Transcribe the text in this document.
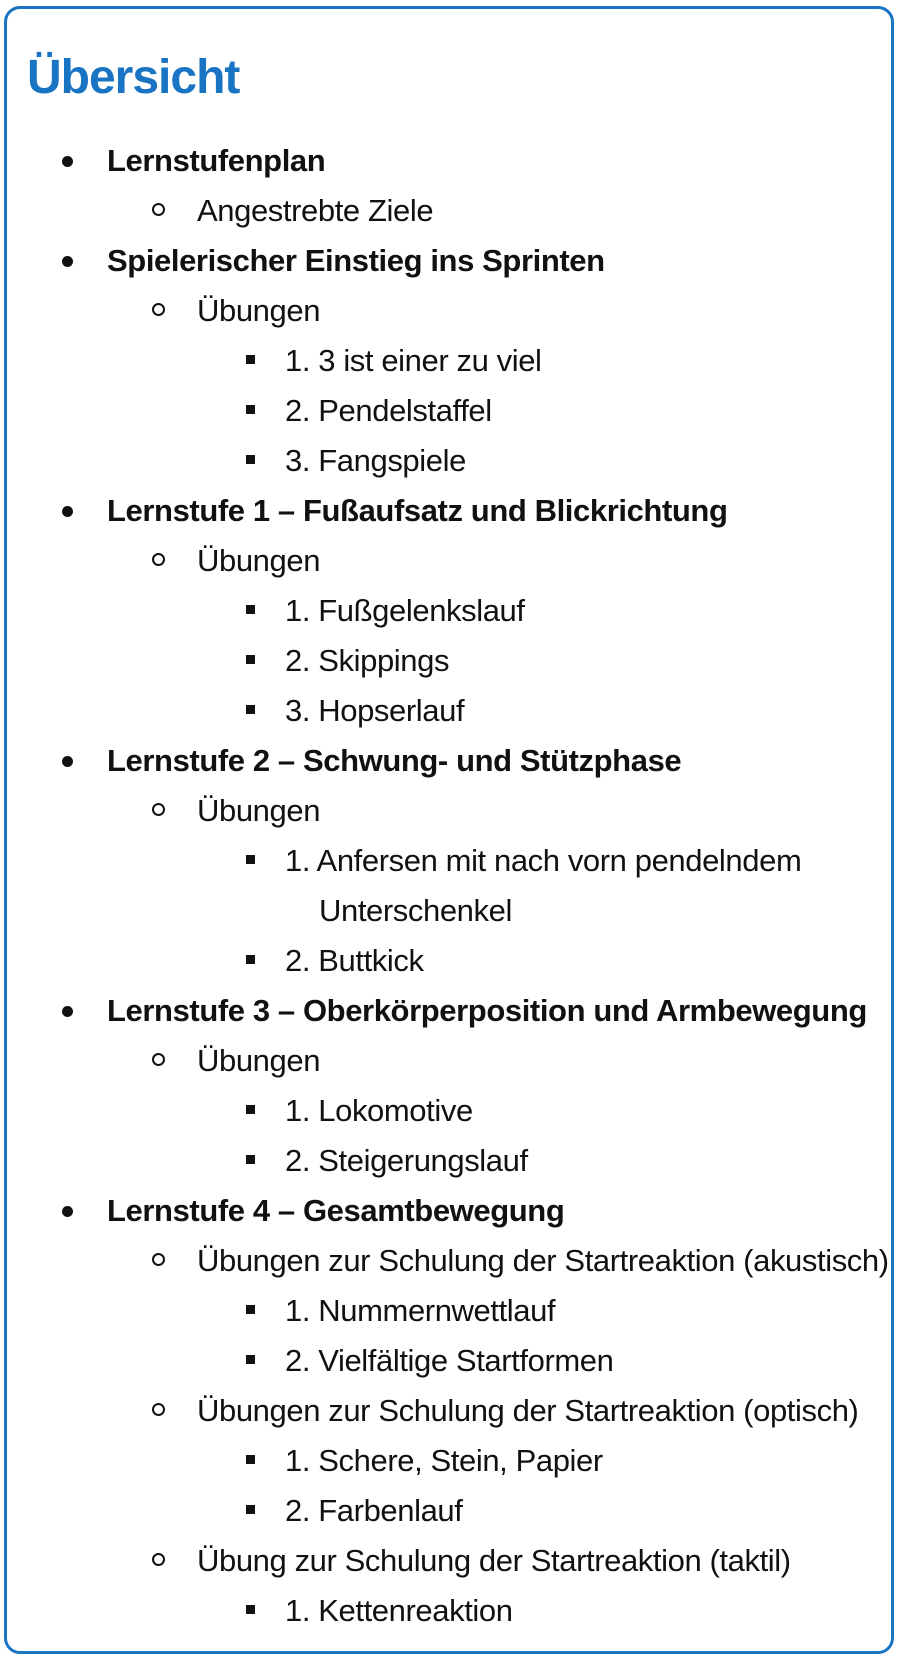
Übersicht
Lernstufenplan
Angestrebte Ziele
Spielerischer Einstieg ins Sprinten
Übungen
1. 3 ist einer zu viel
2. Pendelstaffel
3. Fangspiele
Lernstufe 1 – Fußaufsatz und Blickrichtung
Übungen
1. Fußgelenkslauf
2. Skippings
3. Hopserlauf
Lernstufe 2 – Schwung- und Stützphase
Übungen
1. Anfersen mit nach vorn pendelndem
Unterschenkel
2. Buttkick
Lernstufe 3 – Oberkörperposition und Armbewegung
Übungen
1. Lokomotive
2. Steigerungslauf
Lernstufe 4 – Gesamtbewegung
Übungen zur Schulung der Startreaktion (akustisch)
1. Nummernwettlauf
2. Vielfältige Startformen
Übungen zur Schulung der Startreaktion (optisch)
1. Schere, Stein, Papier
2. Farbenlauf
Übung zur Schulung der Startreaktion (taktil)
1. Kettenreaktion
